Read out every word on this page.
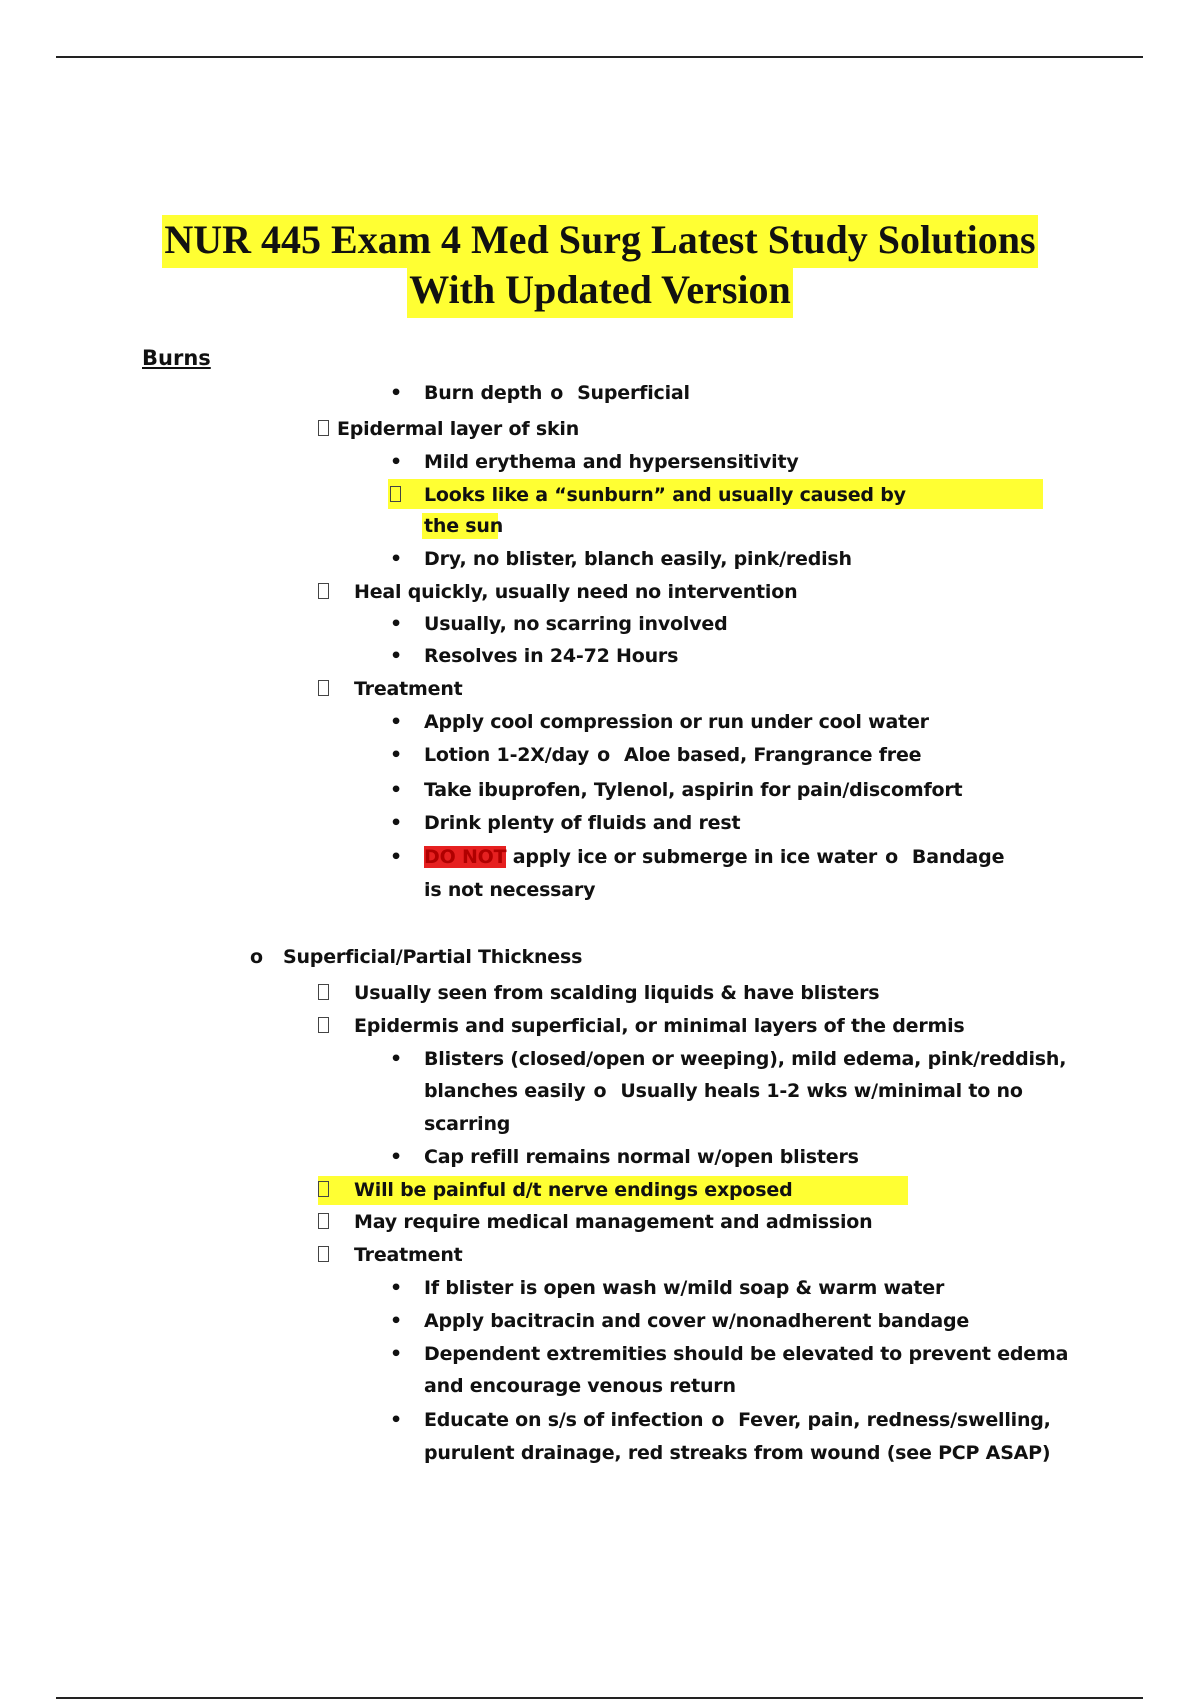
NUR 445 Exam 4 Med Surg Latest Study Solutions
With Updated Version
Burns
• Burn depth o Superficial
Epidermal layer of skin
• Mild erythema and hypersensitivity
Looks like a “sunburn” and usually caused by
the sun
• Dry, no blister, blanch easily, pink/redish
Heal quickly, usually need no intervention
• Usually, no scarring involved
• Resolves in 24-72 Hours
Treatment
• Apply cool compression or run under cool water
• Lotion 1-2X/day o Aloe based, Frangrance free
• Take ibuprofen, Tylenol, aspirin for pain/discomfort
• Drink plenty of fluids and rest
• DO NOT apply ice or submerge in ice water o Bandage
is not necessary
o Superficial/Partial Thickness
Usually seen from scalding liquids & have blisters
Epidermis and superficial, or minimal layers of the dermis
• Blisters (closed/open or weeping), mild edema, pink/reddish,
blanches easily o Usually heals 1-2 wks w/minimal to no
scarring
• Cap refill remains normal w/open blisters
Will be painful d/t nerve endings exposed
May require medical management and admission
Treatment
• If blister is open wash w/mild soap & warm water
• Apply bacitracin and cover w/nonadherent bandage
• Dependent extremities should be elevated to prevent edema
and encourage venous return
• Educate on s/s of infection o Fever, pain, redness/swelling,
purulent drainage, red streaks from wound (see PCP ASAP)
